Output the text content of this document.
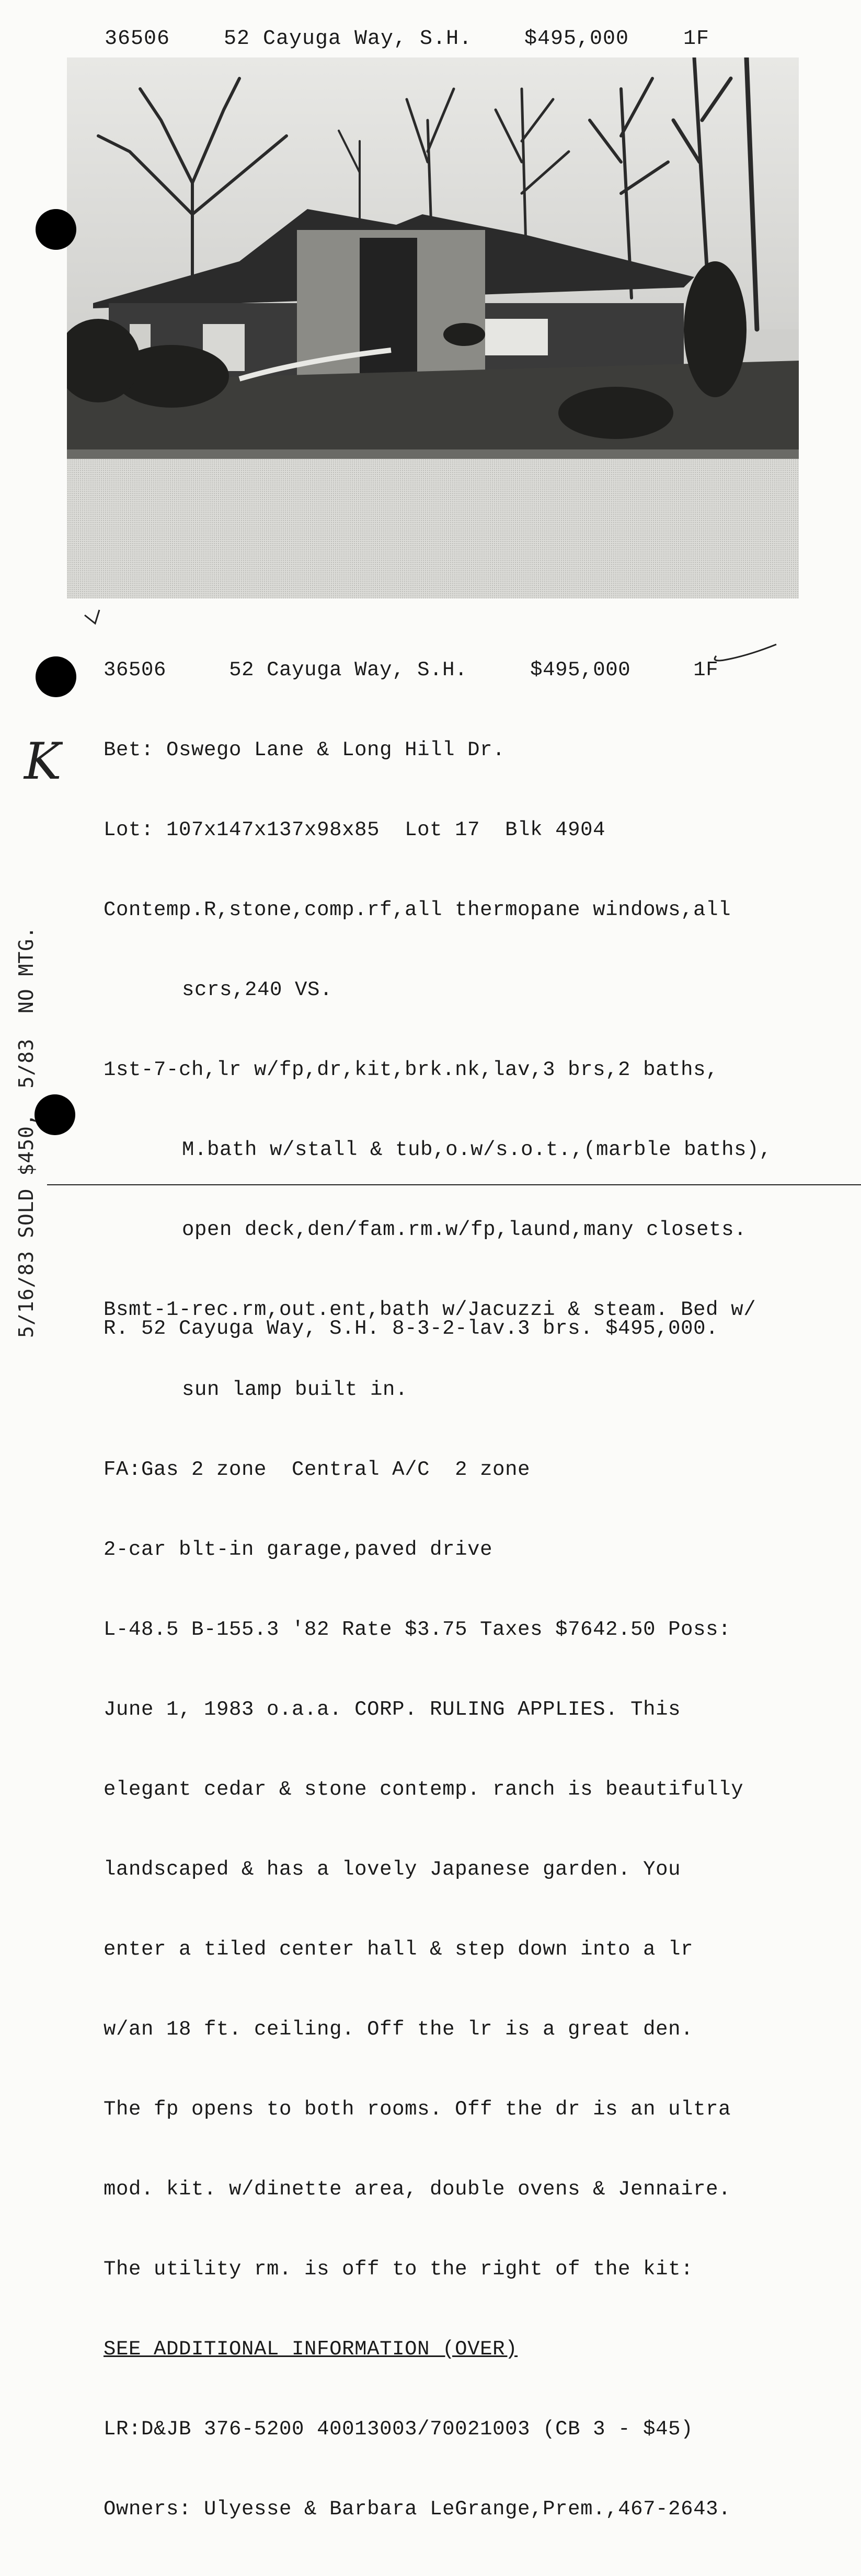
36506

	52 Cayuga Way, S.H.

$495,000

	1F

36506	52 Cayuga Way, S.H.	$495,000	1F

Bet: Oswego Lane & Long Hill Dr.

Lot: 107x147x137x98x85  Lot 17  Blk 4904

Contemp.R,stone,comp.rf,all thermopane windows,all

scrs,240 VS.

1st-7-ch,lr w/fp,dr,kit,brk.nk,lav,3 brs,2 baths,

M.bath w/stall & tub,o.w/s.o.t.,(marble baths),

open deck,den/fam.rm.w/fp,laund,many closets.

Bsmt-1-rec.rm,out.ent,bath w/Jacuzzi & steam. Bed w/

sun lamp built in.

FA:Gas 2 zone  Central A/C  2 zone

2-car blt-in garage,paved drive

L-48.5 B-155.3 '82 Rate $3.75 Taxes $7642.50 Poss:

June 1, 1983 o.a.a. CORP. RULING APPLIES. This

elegant cedar & stone contemp. ranch is beautifully

landscaped & has a lovely Japanese garden. You

enter a tiled center hall & step down into a lr

w/an 18 ft. ceiling. Off the lr is a great den.

The fp opens to both rooms. Off the dr is an ultra

mod. kit. w/dinette area, double ovens & Jennaire.

The utility rm. is off to the right of the kit:

SEE ADDITIONAL INFORMATION (OVER)

LR:D&JB 376-5200 40013003/70021003 (CB 3 - $45)

Owners: Ulyesse & Barbara LeGrange,Prem.,467-2643.

5/16/83 SOLD $450,  5/83  NO MTG.
K
R. 52 Cayuga Way, S.H. 8-3-2-lav.3 brs. $495,000.
